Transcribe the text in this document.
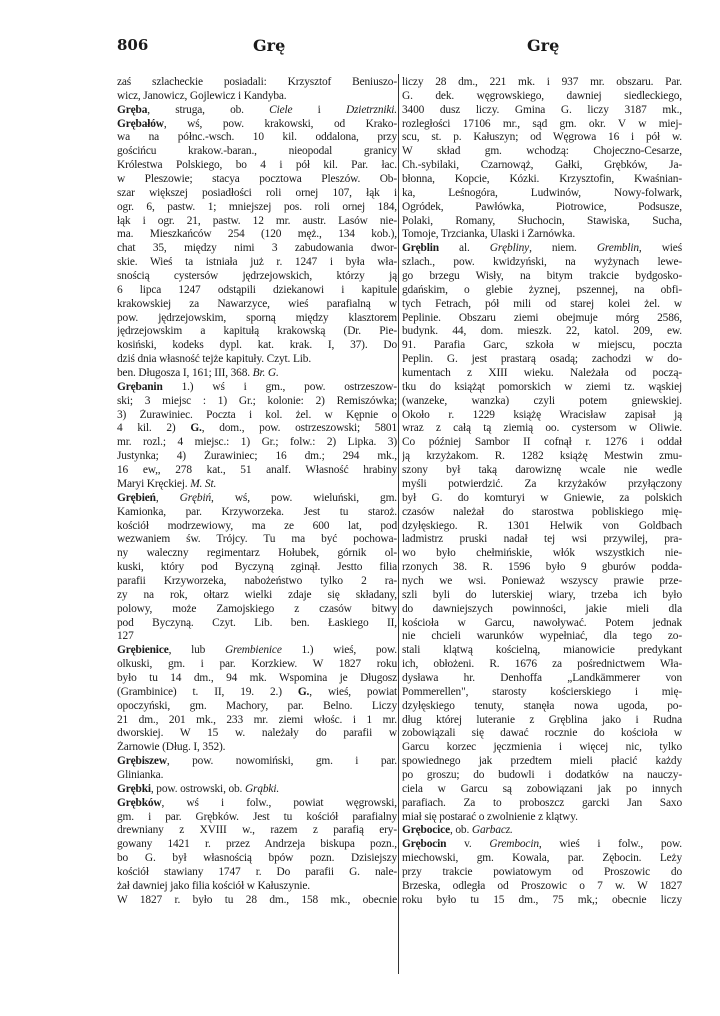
806	Grę	Grę
zaś szlacheckie posiadali: Krzysztof Beniuszo-
wicz, Janowicz, Gojlewicz i Kandyba.
Gręba, struga, ob. Ciele i Dzietrzniki.
Grębałów, wś, pow. krakowski, od Krako-
wa na półnc.-wsch. 10 kil. oddalona, przy
gościńcu krakow.-baran., nieopodal granicy
Królestwa Polskiego, bo 4 i pół kil. Par. łac.
w Pleszowie; stacya pocztowa Pleszów. Ob-
szar większej posiadłości roli ornej 107, łąk i
ogr. 6, pastw. 1; mniejszej pos. roli ornej 184,
łąk i ogr. 21, pastw. 12 mr. austr. Lasów nie-
ma. Mieszkańców 254 (120 męż., 134 kob.),
chat 35, między nimi 3 zabudowania dwor-
skie. Wieś ta istniała już r. 1247 i była wła-
snością cystersów jędrzejowskich, którzy ją
6 lipca 1247 odstąpili dziekanowi i kapitule
krakowskiej za Nawarzyce, wieś parafialną w
pow. jędrzejowskim, sporną między klasztorem
jędrzejowskim a kapitułą krakowską (Dr. Pie-
kosiński, kodeks dypl. kat. krak. I, 37). Do
dziś dnia własność tejże kapituły. Czyt. Lib.
ben. Długosza I, 161; III, 368. Br. G.
Grębanin 1.) wś i gm., pow. ostrzeszow-
ski; 3 miejsc : 1) Gr.; kolonie: 2) Remiszówka;
3) Żurawiniec. Poczta i kol. żel. w Kępnie o
4 kil. 2) G., dom., pow. ostrzeszowski; 5801
mr. rozl.; 4 miejsc.: 1) Gr.; folw.: 2) Lipka. 3)
Justynka; 4) Żurawiniec; 16 dm.; 294 mk.,
16 ew,, 278 kat., 51 analf. Własność hrabiny
Maryi Kręckiej. M. St.
Grębień, Grębiń, wś, pow. wieluński, gm.
Kamionka, par. Krzyworzeka. Jest tu staroż.
kościół modrzewiowy, ma ze 600 lat, pod
wezwaniem św. Trójcy. Tu ma być pochowa-
ny waleczny regimentarz Hołubek, górnik ol-
kuski, który pod Byczyną zginął. Jestto filia
parafii Krzyworzeka, nabożeństwo tylko 2 ra-
zy na rok, ołtarz wielki zdaje się składany,
polowy, może Zamojskiego z czasów bitwy
pod Byczyną. Czyt. Lib. ben. Łaskiego II,
127
Grębienice, lub Grembienice 1.) wieś, pow.
olkuski, gm. i par. Korzkiew. W 1827 roku
było tu 14 dm., 94 mk. Wspomina je Długosz
(Grambinice) t. II, 19. 2.) G., wieś, powiat
opoczyński, gm. Machory, par. Belno. Liczy
21 dm., 201 mk., 233 mr. ziemi włośc. i 1 mr.
dworskiej. W 15 w. należały do parafii w
Żarnowie (Dług. I, 352).
Grębiszew, pow. nowomiński, gm. i par.
Glinianka.
Grębki, pow. ostrowski, ob. Grąbki.
Grębków, wś i folw., powiat węgrowski,
gm. i par. Grębków. Jest tu kościół parafialny
drewniany z XVIII w., razem z parafią ery-
gowany 1421 r. przez Andrzeja biskupa pozn.,
bo G. był własnością bpów pozn. Dzisiejszy
kościół stawiany 1747 r. Do parafii G. nale-
żał dawniej jako filia kościół w Kałuszynie.
W 1827 r. było tu 28 dm., 158 mk., obecnie
liczy 28 dm., 221 mk. i 937 mr. obszaru. Par.
G. dek. węgrowskiego, dawniej siedleckiego,
3400 dusz liczy. Gmina G. liczy 3187 mk.,
rozległości 17106 mr., sąd gm. okr. V w miej-
scu, st. p. Kałuszyn; od Węgrowa 16 i pół w.
W skład gm. wchodzą: Chojeczno-Cesarze,
Ch.-sybilaki, Czarnowąż, Gałki, Grębków, Ja-
błonna, Kopcie, Kózki. Krzysztofin, Kwaśnian-
ka, Leśnogóra, Ludwinów, Nowy-folwark,
Ogródek, Pawłówka, Piotrowice, Podsusze,
Polaki, Romany, Słuchocin, Stawiska, Sucha,
Tomoje, Trzcianka, Ulaski i Żarnówka.
Gręblin al. Grębliny, niem. Gremblin, wieś
szlach., pow. kwidzyński, na wyżynach lewe-
go brzegu Wisły, na bitym trakcie bydgosko-
gdańskim, o glebie żyznej, pszennej, na obfi-
tych Fetrach, pół mili od starej kolei żel. w
Peplinie. Obszaru ziemi obejmuje mórg 2586,
budynk. 44, dom. mieszk. 22, katol. 209, ew.
91. Parafia Garc, szkoła w miejscu, poczta
Peplin. G. jest prastarą osadą; zachodzi w do-
kumentach z XIII wieku. Należała od począ-
tku do książąt pomorskich w ziemi tz. wąskiej
(wanzeke, wanzka) czyli potem gniewskiej.
Około r. 1229 książę Wracisław zapisał ją
wraz z całą tą ziemią oo. cystersom w Oliwie.
Co później Sambor II cofnął r. 1276 i oddał
ją krzyżakom. R. 1282 książę Mestwin zmu-
szony był taką darowiznę wcale nie wedle
myśli potwierdzić. Za krzyżaków przyłączony
był G. do komturyi w Gniewie, za polskich
czasów należał do starostwa pobliskiego mię-
dzyłęskiego. R. 1301 Helwik von Goldbach
ladmistrz pruski nadał tej wsi przywilej, pra-
wo było chełmińskie, włók wszystkich nie-
rzonych 38. R. 1596 było 9 gburów podda-
nych we wsi. Ponieważ wszyscy prawie prze-
szli byli do luterskiej wiary, trzeba ich było
do dawniejszych powinności, jakie mieli dla
kościoła w Garcu, nawoływać. Potem jednak
nie chcieli warunków wypełniać, dla tego zo-
stali klątwą kościelną, mianowicie predykant
ich, obłożeni. R. 1676 za pośrednictwem Wła-
dysława hr. Denhoffa „Landkämmerer von
Pommerellen", starosty kościerskiego i mię-
dzyłęskiego tenuty, stanęła nowa ugoda, po-
dług której luteranie z Gręblina jako i Rudna
zobowiązali się dawać rocznie do kościoła w
Garcu korzec jęczmienia i więcej nic, tylko
spowiednego jak przedtem mieli płacić każdy
po groszu; do budowli i dodatków na nauczy-
ciela w Garcu są zobowiązani jak po innych
parafiach. Za to proboszcz garcki Jan Saxo
miał się postarać o zwolnienie z klątwy.
Grębocice, ob. Garbacz.
Grębocin v. Grembocin, wieś i folw., pow.
miechowski, gm. Kowala, par. Zębocin. Leży
przy trakcie powiatowym od Proszowic do
Brzeska, odległa od Proszowic o 7 w. W 1827
roku było tu 15 dm., 75 mk,; obecnie liczy
